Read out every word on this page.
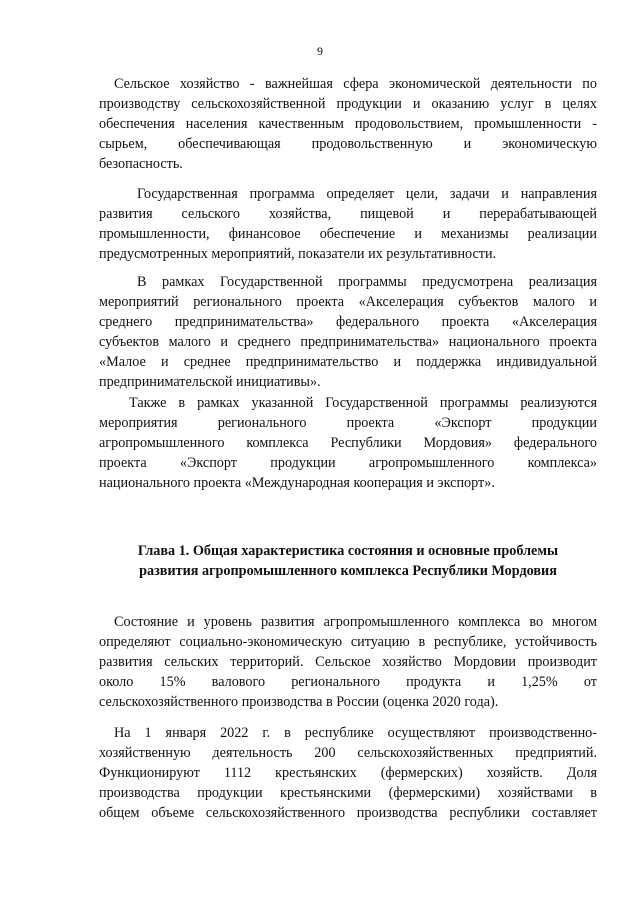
9
Сельское хозяйство - важнейшая сфера экономической деятельности по
производству сельскохозяйственной продукции и оказанию услуг в целях
обеспечения населения качественным продовольствием, промышленности -
сырьем, обеспечивающая продовольственную и экономическую
безопасность.
Государственная программа определяет цели, задачи и направления
развития сельского хозяйства, пищевой и перерабатывающей
промышленности, финансовое обеспечение и механизмы реализации
предусмотренных мероприятий, показатели их результативности.
В рамках Государственной программы предусмотрена реализация
мероприятий регионального проекта «Акселерация субъектов малого и
среднего предпринимательства» федерального проекта «Акселерация
субъектов малого и среднего предпринимательства» национального проекта
«Малое и среднее предпринимательство и поддержка индивидуальной
предпринимательской инициативы».
Также в рамках указанной Государственной программы реализуются
мероприятия регионального проекта «Экспорт продукции
агропромышленного комплекса Республики Мордовия» федерального
проекта «Экспорт продукции агропромышленного комплекса»
национального проекта «Международная кооперация и экспорт».
Глава 1. Общая характеристика состояния и основные проблемы
развития агропромышленного комплекса Республики Мордовия
Состояние и уровень развития агропромышленного комплекса во многом
определяют социально-экономическую ситуацию в республике, устойчивость
развития сельских территорий. Сельское хозяйство Мордовии производит
около 15% валового регионального продукта и 1,25% от
сельскохозяйственного производства в России (оценка 2020 года).
На 1 января 2022 г. в республике осуществляют производственно-
хозяйственную деятельность 200 сельскохозяйственных предприятий.
Функционируют 1112 крестьянских (фермерских) хозяйств. Доля
производства продукции крестьянскими (фермерскими) хозяйствами в
общем объеме сельскохозяйственного производства республики составляет
